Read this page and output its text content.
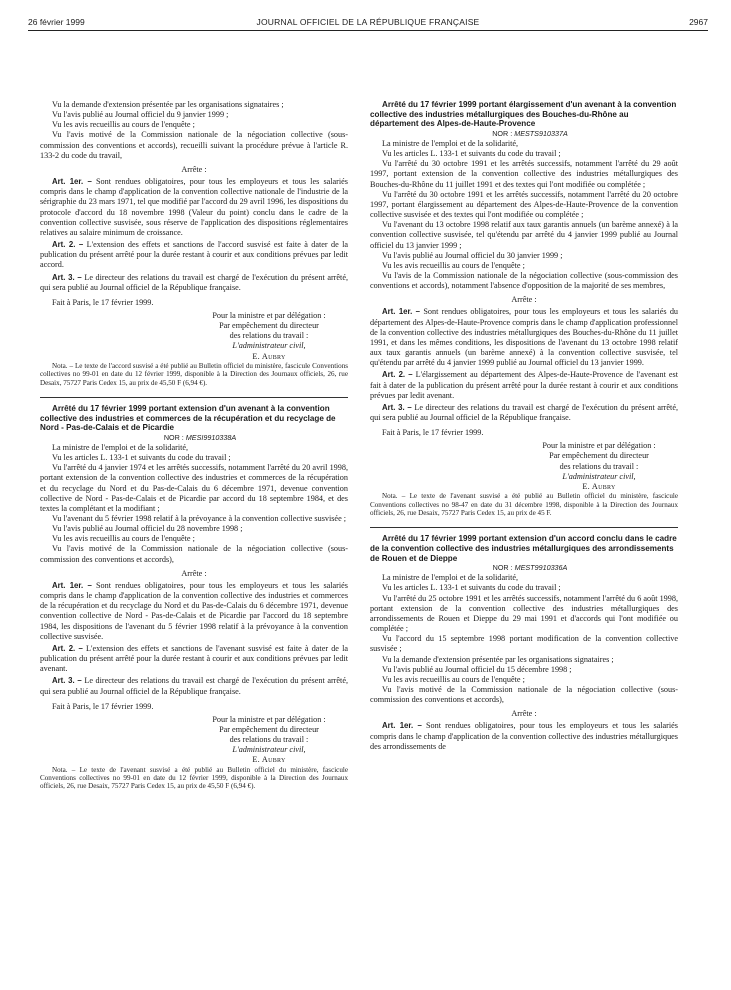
26 février 1999	JOURNAL OFFICIEL DE LA RÉPUBLIQUE FRANÇAISE	2967

Vu la demande d'extension présentée par les organisations signataires ;

Vu l'avis publié au Journal officiel du 9 janvier 1999 ;

Vu les avis recueillis au cours de l'enquête ;

Vu l'avis motivé de la Commission nationale de la négociation collective (sous-commission des conventions et accords), recueilli suivant la procédure prévue à l'article R. 133-2 du code du travail,

Arrête :

Art. 1er. – Sont rendues obligatoires, pour tous les employeurs et tous les salariés compris dans le champ d'application de la convention collective nationale de l'industrie de la sérigraphie du 23 mars 1971, tel que modifié par l'accord du 29 avril 1996, les dispositions du protocole d'accord du 18 novembre 1998 (Valeur du point) conclu dans le cadre de la convention collective susvisée, sous réserve de l'application des dispositions réglementaires relatives au salaire minimum de croissance.

Art. 2. – L'extension des effets et sanctions de l'accord susvisé est faite à dater de la publication du présent arrêté pour la durée restant à courir et aux conditions prévues par ledit accord.

Art. 3. – Le directeur des relations du travail est chargé de l'exécution du présent arrêté, qui sera publié au Journal officiel de la République française.

Fait à Paris, le 17 février 1999.

Pour la ministre et par délégation :
Par empêchement du directeur
des relations du travail :
L'administrateur civil,
E. Aubry

Nota. – Le texte de l'accord susvisé a été publié au Bulletin officiel du ministère, fascicule Conventions collectives no 99-01 en date du 12 février 1999, disponible à la Direction des Journaux officiels, 26, rue Desaix, 75727 Paris Cedex 15, au prix de 45,50 F (6,94 €).

Arrêté du 17 février 1999 portant extension d'un avenant à la convention collective des industries et commerces de la récupération et du recyclage de Nord - Pas-de-Calais et de Picardie

NOR : MESI9910338A

La ministre de l'emploi et de la solidarité,

Vu les articles L. 133-1 et suivants du code du travail ;

Vu l'arrêté du 4 janvier 1974 et les arrêtés successifs, notamment l'arrêté du 20 avril 1998, portant extension de la convention collective des industries et commerces de la récupération et du recyclage du Nord et du Pas-de-Calais du 6 décembre 1971, devenue convention collective de Nord - Pas-de-Calais et de Picardie par accord du 18 septembre 1984, et des textes la complétant et la modifiant ;

Vu l'avenant du 5 février 1998 relatif à la prévoyance à la convention collective susvisée ;

Vu l'avis publié au Journal officiel du 28 novembre 1998 ;

Vu les avis recueillis au cours de l'enquête ;

Vu l'avis motivé de la Commission nationale de la négociation collective (sous-commission des conventions et accords),

Arrête :

Art. 1er. – Sont rendues obligatoires, pour tous les employeurs et tous les salariés compris dans le champ d'application de la convention collective des industries et commerces de la récupération et du recyclage du Nord et du Pas-de-Calais du 6 décembre 1971, devenue convention collective de Nord - Pas-de-Calais et de Picardie par l'accord du 18 septembre 1984, les dispositions de l'avenant du 5 février 1998 relatif à la prévoyance à la convention collective susvisée.

Art. 2. – L'extension des effets et sanctions de l'avenant susvisé est faite à dater de la publication du présent arrêté pour la durée restant à courir et aux conditions prévues par ledit avenant.

Art. 3. – Le directeur des relations du travail est chargé de l'exécution du présent arrêté, qui sera publié au Journal officiel de la République française.

Fait à Paris, le 17 février 1999.

Pour la ministre et par délégation :
Par empêchement du directeur
des relations du travail :
L'administrateur civil,
E. Aubry

Nota. – Le texte de l'avenant susvisé a été publié au Bulletin officiel du ministère, fascicule Conventions collectives no 99-01 en date du 12 février 1999, disponible à la Direction des Journaux officiels, 26, rue Desaix, 75727 Paris Cedex 15, au prix de 45,50 F (6,94 €).

Arrêté du 17 février 1999 portant élargissement d'un avenant à la convention collective des industries métallurgiques des Bouches-du-Rhône au département des Alpes-de-Haute-Provence

NOR : MESTS910337A

La ministre de l'emploi et de la solidarité,

Vu les articles L. 133-1 et suivants du code du travail ;

Vu l'arrêté du 30 octobre 1991 et les arrêtés successifs, notamment l'arrêté du 29 août 1997, portant extension de la convention collective des industries métallurgiques des Bouches-du-Rhône du 11 juillet 1991 et des textes qui l'ont modifiée ou complétée ;

Vu l'arrêté du 30 octobre 1991 et les arrêtés successifs, notamment l'arrêté du 20 octobre 1997, portant élargissement au département des Alpes-de-Haute-Provence de la convention collective susvisée et des textes qui l'ont modifiée ou complétée ;

Vu l'avenant du 13 octobre 1998 relatif aux taux garantis annuels (un barème annexé) à la convention collective susvisée, tel qu'étendu par arrêté du 4 janvier 1999 publié au Journal officiel du 13 janvier 1999 ;

Vu l'avis publié au Journal officiel du 30 janvier 1999 ;

Vu les avis recueillis au cours de l'enquête ;

Vu l'avis de la Commission nationale de la négociation collective (sous-commission des conventions et accords), notamment l'absence d'opposition de la majorité de ses membres,

Arrête :

Art. 1er. – Sont rendues obligatoires, pour tous les employeurs et tous les salariés du département des Alpes-de-Haute-Provence compris dans le champ d'application professionnel de la convention collective des industries métallurgiques des Bouches-du-Rhône du 11 juillet 1991, et dans les mêmes conditions, les dispositions de l'avenant du 13 octobre 1998 relatif aux taux garantis annuels (un barème annexé) à la convention collective susvisée, tel qu'étendu par arrêté du 4 janvier 1999 publié au Journal officiel du 13 janvier 1999.

Art. 2. – L'élargissement au département des Alpes-de-Haute-Provence de l'avenant est fait à dater de la publication du présent arrêté pour la durée restant à courir et aux conditions prévues par ledit avenant.

Art. 3. – Le directeur des relations du travail est chargé de l'exécution du présent arrêté, qui sera publié au Journal officiel de la République française.

Fait à Paris, le 17 février 1999.

Pour la ministre et par délégation :
Par empêchement du directeur
des relations du travail :
L'administrateur civil,
E. Aubry

Nota. – Le texte de l'avenant susvisé a été publié au Bulletin officiel du ministère, fascicule Conventions collectives no 98-47 en date du 31 décembre 1998, disponible à la Direction des Journaux officiels, 26, rue Desaix, 75727 Paris Cedex 15, au prix de 45 F.

Arrêté du 17 février 1999 portant extension d'un accord conclu dans le cadre de la convention collective des industries métallurgiques des arrondissements de Rouen et de Dieppe

NOR : MEST9910336A

La ministre de l'emploi et de la solidarité,

Vu les articles L. 133-1 et suivants du code du travail ;

Vu l'arrêté du 25 octobre 1991 et les arrêtés successifs, notamment l'arrêté du 6 août 1998, portant extension de la convention collective des industries métallurgiques des arrondissements de Rouen et Dieppe du 29 mai 1991 et d'accords qui l'ont modifiée ou complétée ;

Vu l'accord du 15 septembre 1998 portant modification de la convention collective susvisée ;

Vu la demande d'extension présentée par les organisations signataires ;

Vu l'avis publié au Journal officiel du 15 décembre 1998 ;

Vu les avis recueillis au cours de l'enquête ;

Vu l'avis motivé de la Commission nationale de la négociation collective (sous-commission des conventions et accords),

Arrête :

Art. 1er. – Sont rendues obligatoires, pour tous les employeurs et tous les salariés compris dans le champ d'application de la convention collective des industries métallurgiques des arrondissements de
